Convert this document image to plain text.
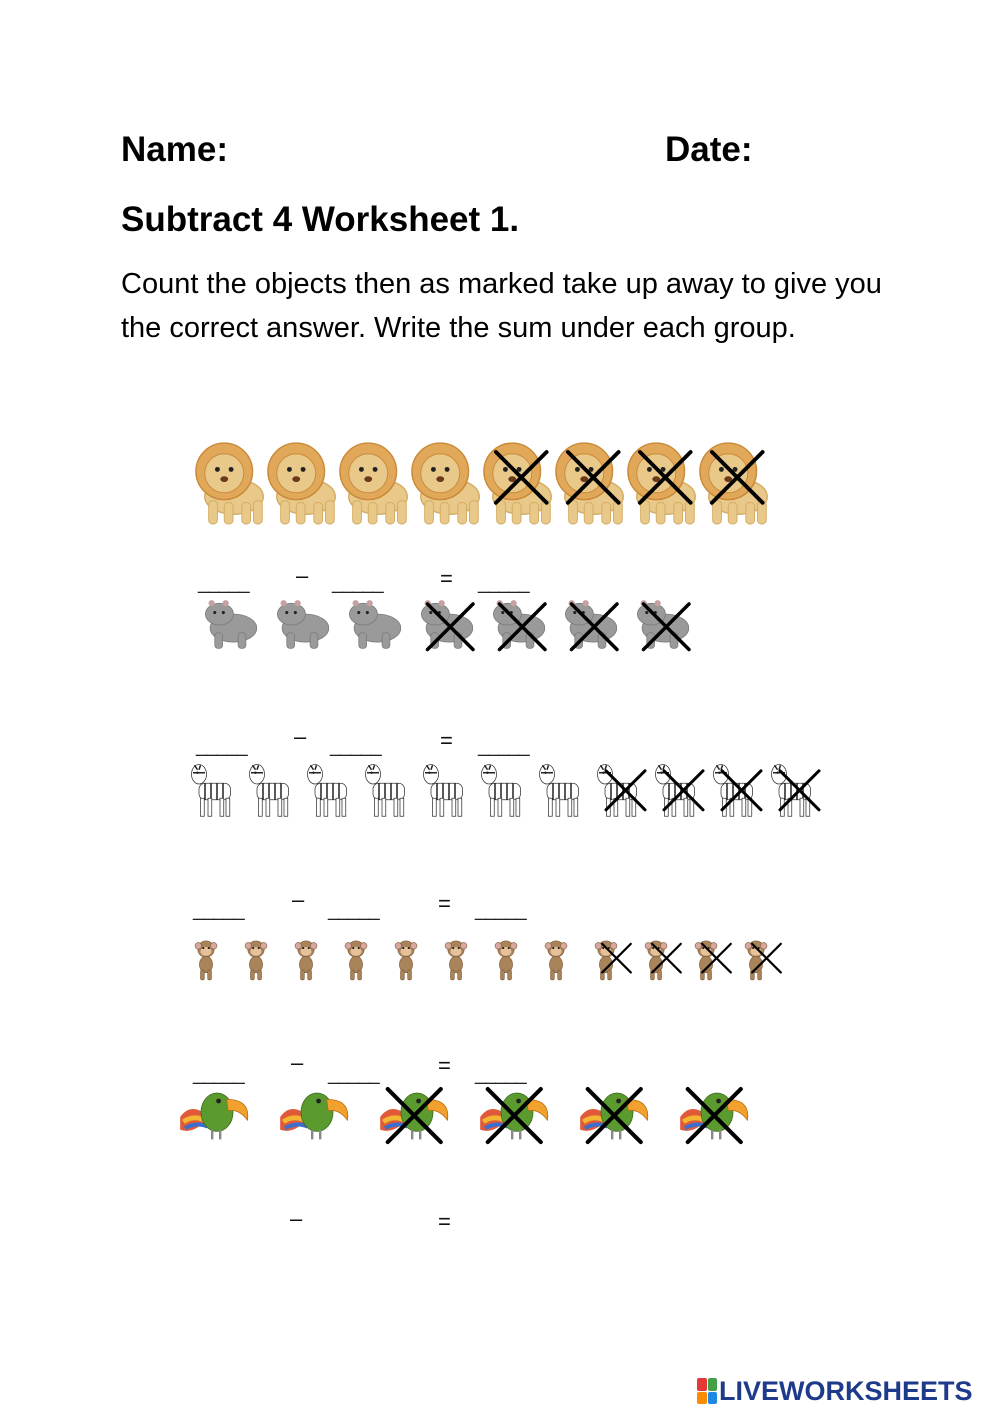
Name:	Date:
Subtract 4 Worksheet 1.
Count the objects then as marked take up away to give you the correct answer. Write the sum under each group.
_____ – _____	= _____
_____ – _____	= _____
_____ – _____	= _____
_____ – _____	= _____
–	=
LIVEWORKSHEETS
